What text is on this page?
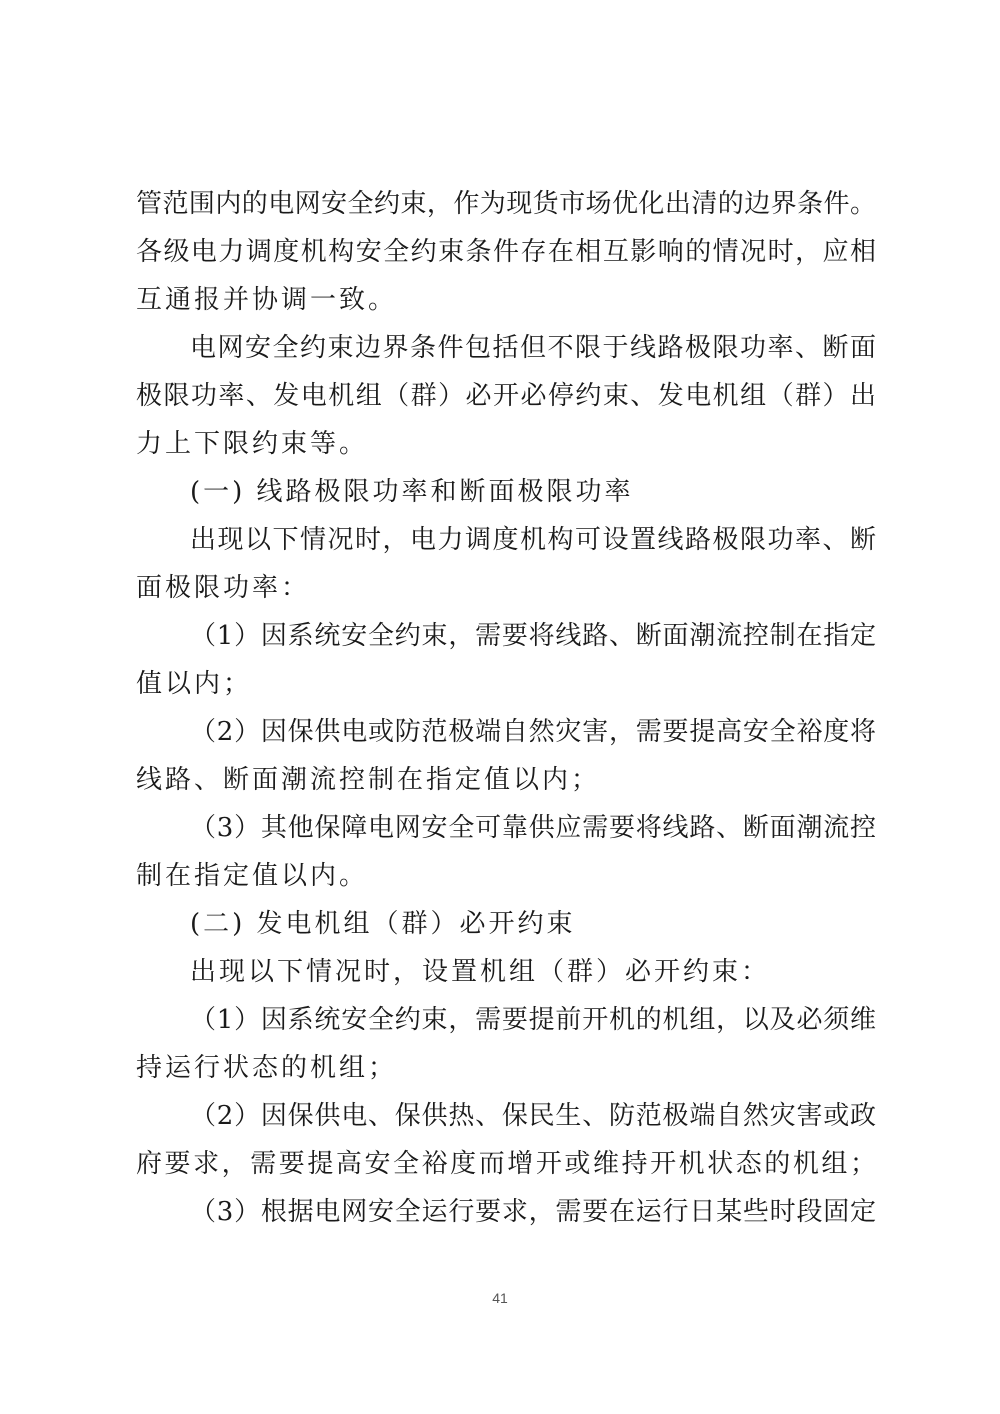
管范围内的电网安全约束，作为现货市场优化出清的边界条件。
各级电力调度机构安全约束条件存在相互影响的情况时，应相
互通报并协调一致。
电网安全约束边界条件包括但不限于线路极限功率、断面
极限功率、发电机组（群）必开必停约束、发电机组（群）出
力上下限约束等。
(一) 线路极限功率和断面极限功率
出现以下情况时，电力调度机构可设置线路极限功率、断
面极限功率：
（1）因系统安全约束，需要将线路、断面潮流控制在指定
值以内；
（2）因保供电或防范极端自然灾害，需要提高安全裕度将
线路、断面潮流控制在指定值以内；
（3）其他保障电网安全可靠供应需要将线路、断面潮流控
制在指定值以内。
(二) 发电机组（群）必开约束
出现以下情况时，设置机组（群）必开约束：
（1）因系统安全约束，需要提前开机的机组，以及必须维
持运行状态的机组；
（2）因保供电、保供热、保民生、防范极端自然灾害或政
府要求，需要提高安全裕度而增开或维持开机状态的机组；
（3）根据电网安全运行要求，需要在运行日某些时段固定
41
